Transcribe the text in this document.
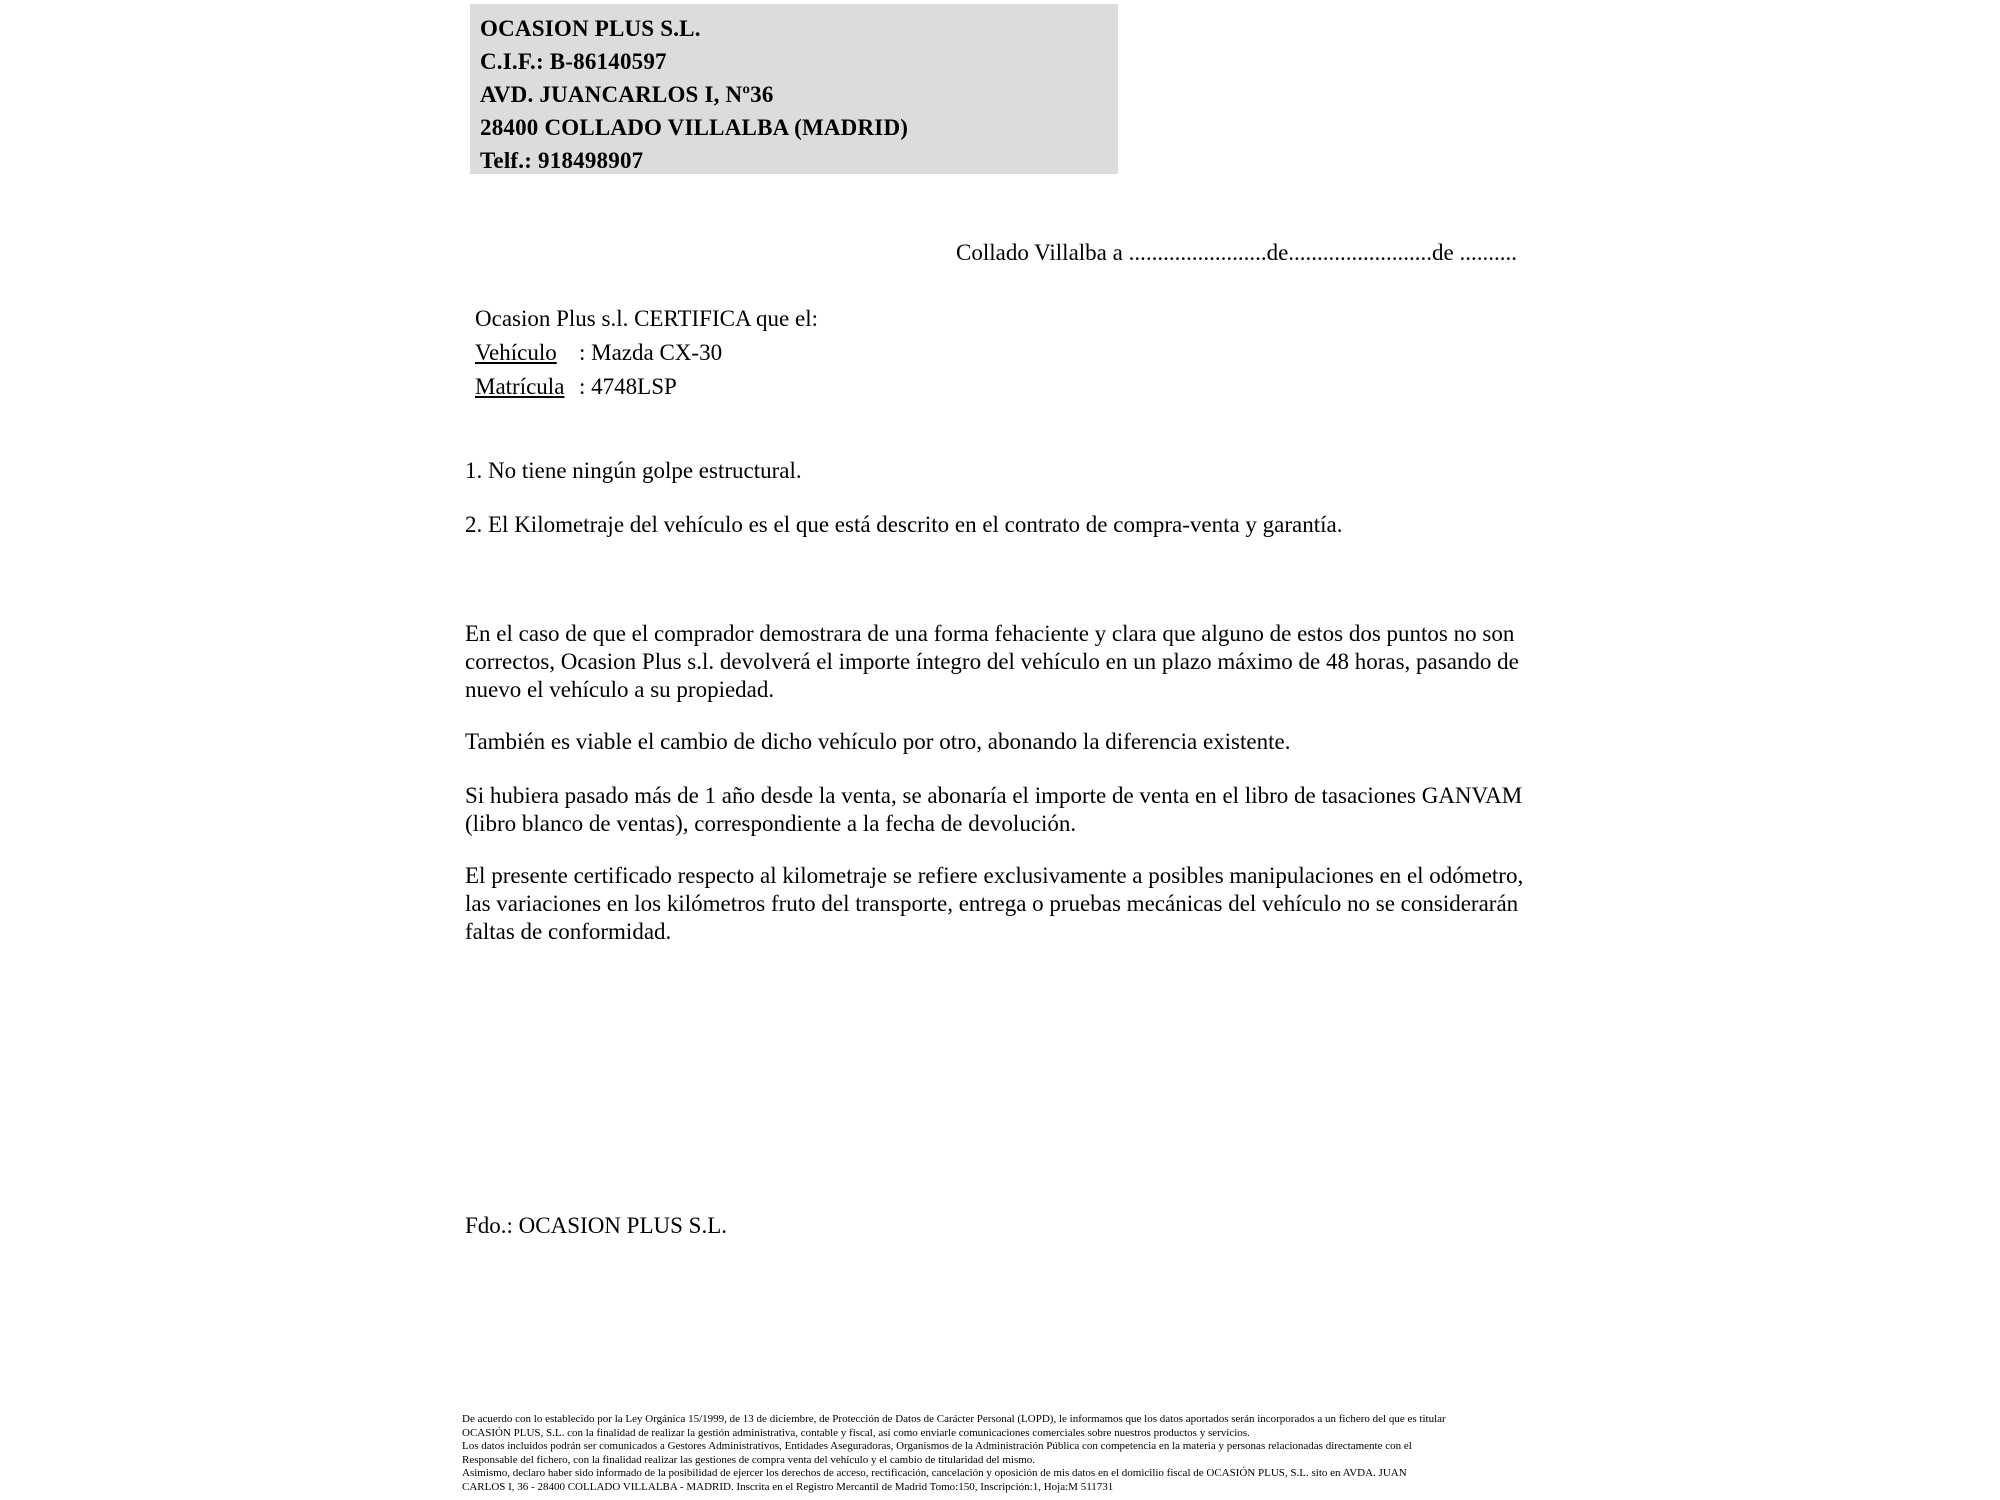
OCASION PLUS S.L.
C.I.F.: B-86140597
AVD. JUANCARLOS I, Nº36
28400 COLLADO VILLALBA (MADRID)
Telf.: 918498907
Collado Villalba a ........................de.........................de ..........
Ocasion Plus s.l. CERTIFICA que el:
Vehículo : Mazda CX-30
Matrícula : 4748LSP
1. No tiene ningún golpe estructural.
2. El Kilometraje del vehículo es el que está descrito en el contrato de compra-venta y garantía.
En el caso de que el comprador demostrara de una forma fehaciente y clara que alguno de estos dos puntos no son correctos, Ocasion Plus s.l. devolverá el importe íntegro del vehículo en un plazo máximo de 48 horas, pasando de nuevo el vehículo a su propiedad.
También es viable el cambio de dicho vehículo por otro, abonando la diferencia existente.
Si hubiera pasado más de 1 año desde la venta, se abonaría el importe de venta en el libro de tasaciones GANVAM (libro blanco de ventas), correspondiente a la fecha de devolución.
El presente certificado respecto al kilometraje se refiere exclusivamente a posibles manipulaciones en el odómetro, las variaciones en los kilómetros fruto del transporte, entrega o pruebas mecánicas del vehículo no se considerarán faltas de conformidad.
Fdo.: OCASION PLUS S.L.
De acuerdo con lo establecido por la Ley Orgánica 15/1999, de 13 de diciembre, de Protección de Datos de Carácter Personal (LOPD), le informamos que los datos aportados serán incorporados a un fichero del que es titular
OCASIÓN PLUS, S.L. con la finalidad de realizar la gestión administrativa, contable y fiscal, así como enviarle comunicaciones comerciales sobre nuestros productos y servicios.
Los datos incluidos podrán ser comunicados a Gestores Administrativos, Entidades Aseguradoras, Organismos de la Administración Pública con competencia en la materia y personas relacionadas directamente con el
Responsable del fichero, con la finalidad realizar las gestiones de compra venta del vehículo y el cambio de titularidad del mismo.
Asimismo, declaro haber sido informado de la posibilidad de ejercer los derechos de acceso, rectificación, cancelación y oposición de mis datos en el domicilio fiscal de OCASIÓN PLUS, S.L. sito en AVDA. JUAN
CARLOS I, 36 - 28400 COLLADO VILLALBA - MADRID. Inscrita en el Registro Mercantil de Madrid Tomo:150, Inscripción:1, Hoja:M 511731
